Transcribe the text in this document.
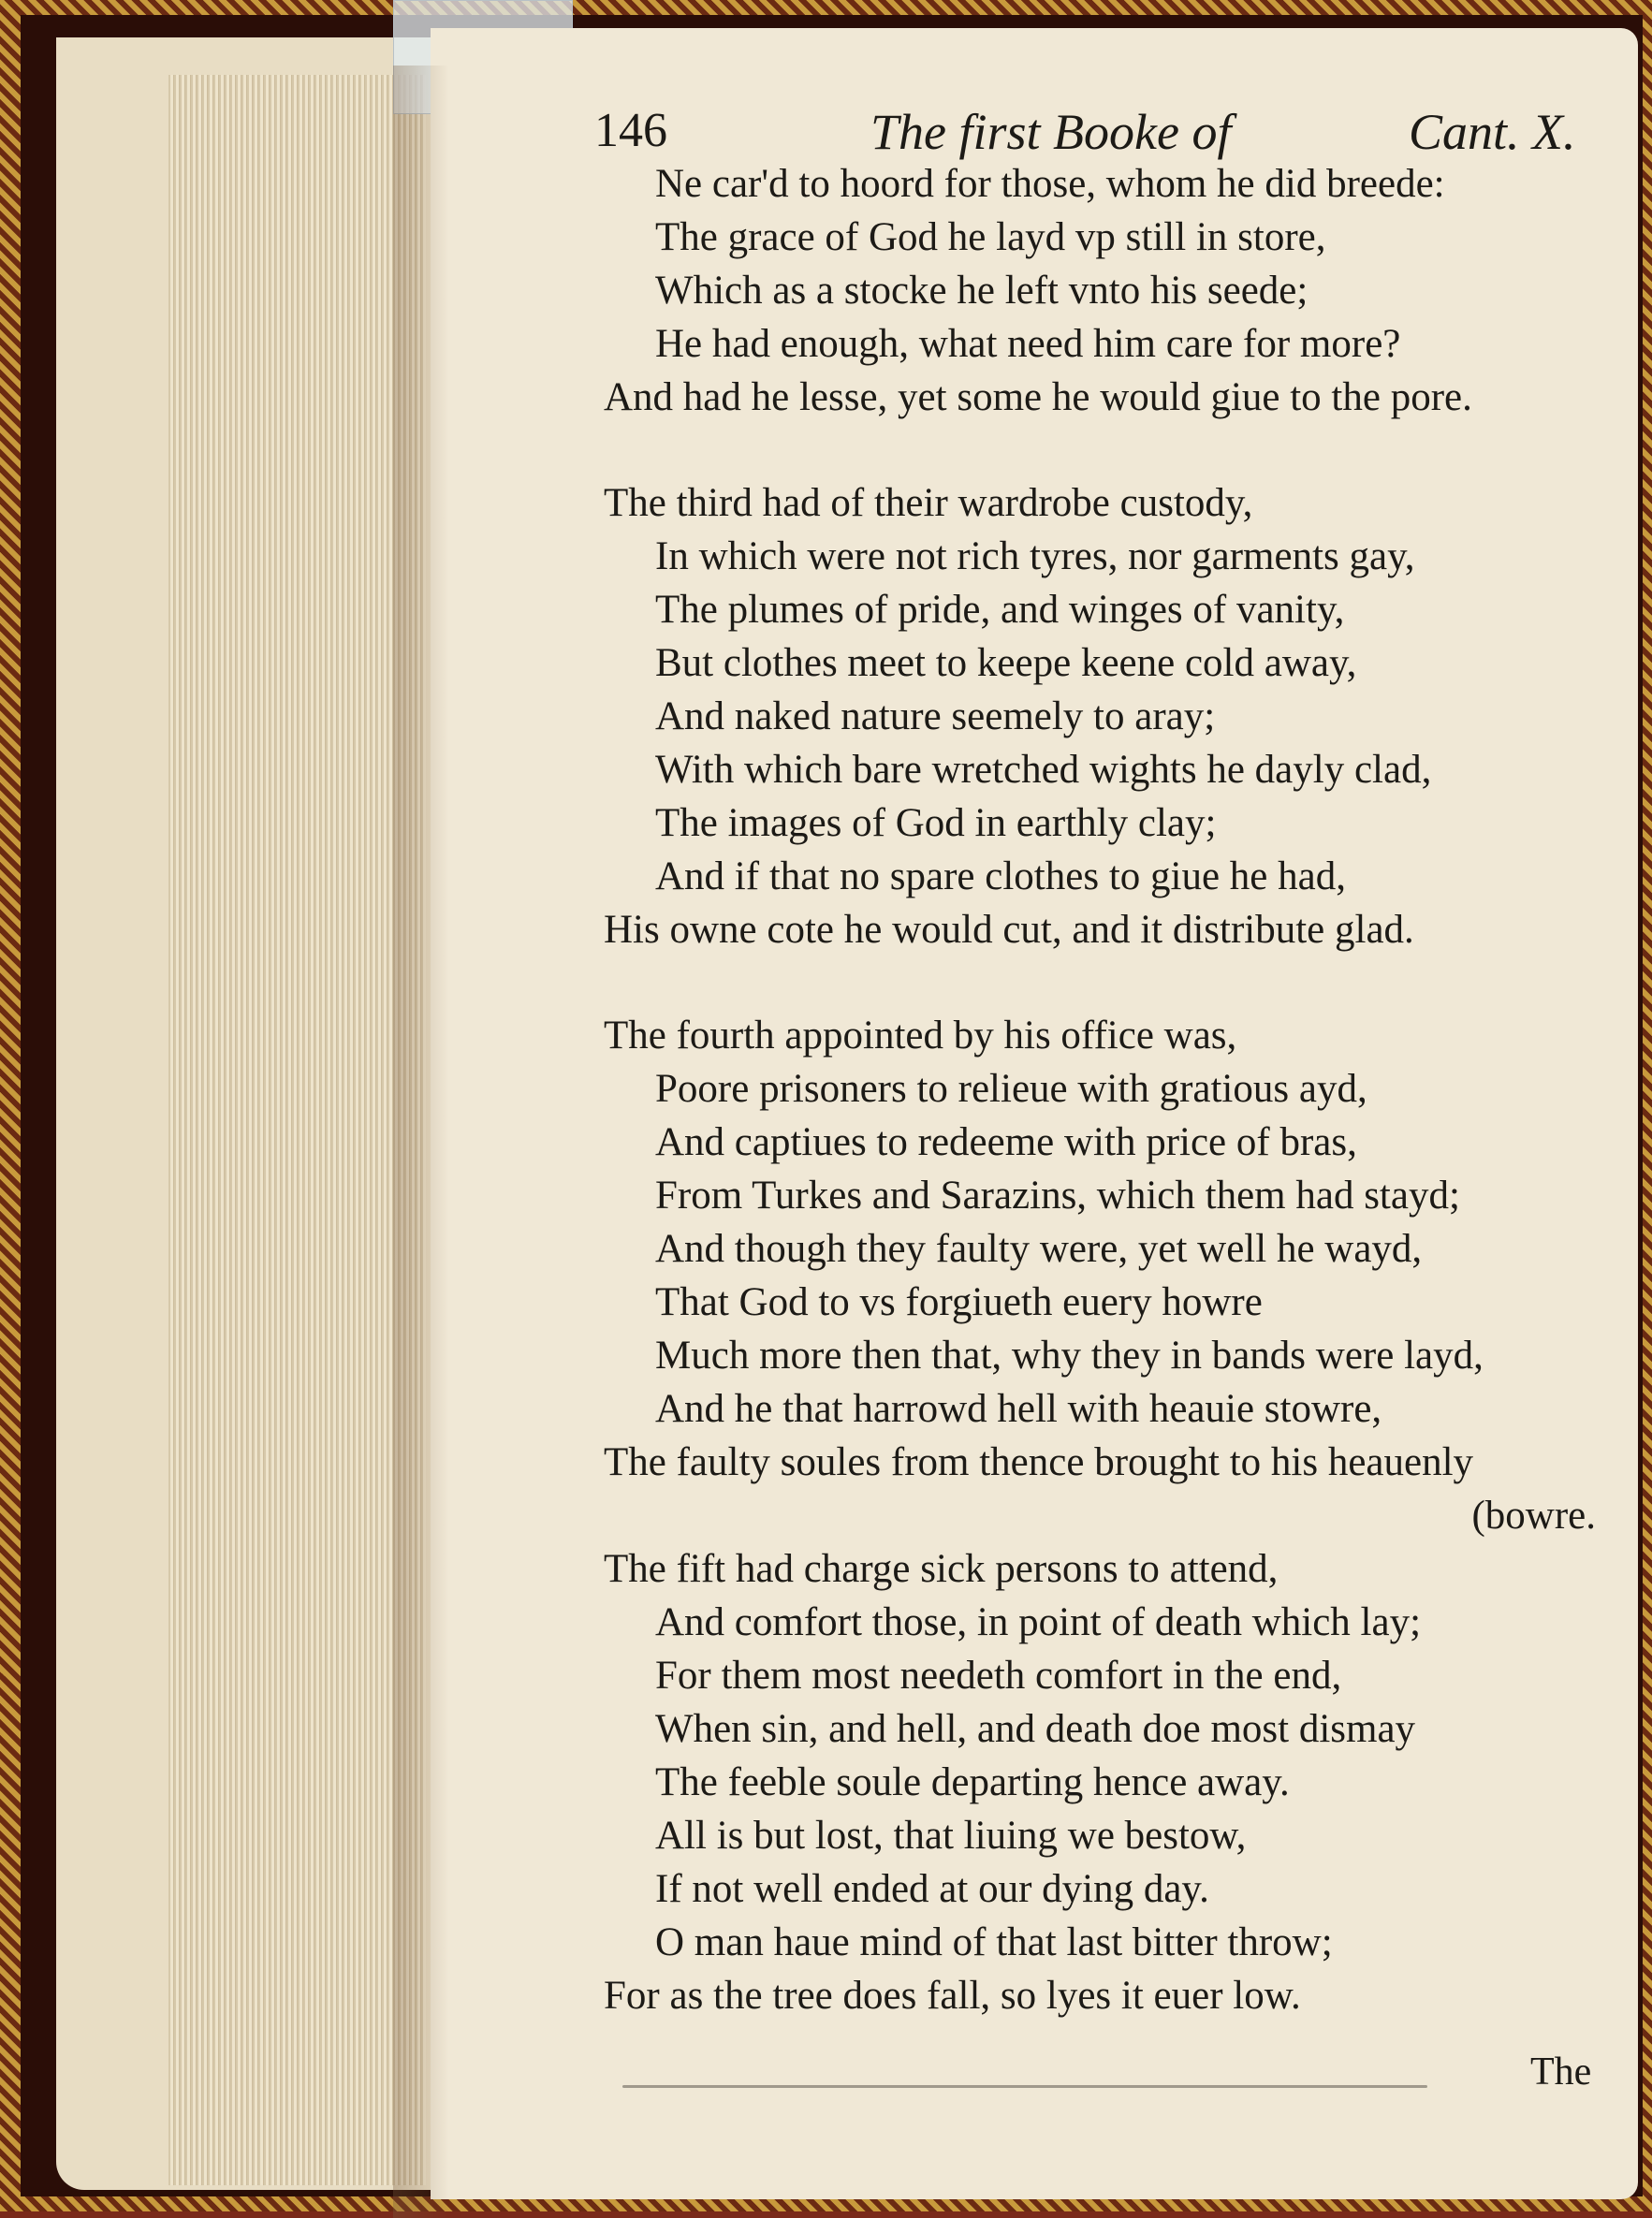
146	The first Booke of	Cant. X.
Ne car'd to hoord for those, whom he did breede:
The grace of God he layd vp still in store,
Which as a stocke he left vnto his seede;
He had enough, what need him care for more?
And had he lesse, yet some he would giue to the pore.
The third had of their wardrobe custody,
In which were not rich tyres, nor garments gay,
The plumes of pride, and winges of vanity,
But clothes meet to keepe keene cold away,
And naked nature seemely to aray;
With which bare wretched wights he dayly clad,
The images of God in earthly clay;
And if that no spare clothes to giue he had,
His owne cote he would cut, and it distribute glad.
The fourth appointed by his office was,
Poore prisoners to relieue with gratious ayd,
And captiues to redeeme with price of bras,
From Turkes and Sarazins, which them had stayd;
And though they faulty were, yet well he wayd,
That God to vs forgiueth euery howre
Much more then that, why they in bands were layd,
And he that harrowd hell with heauie stowre,
The faulty soules from thence brought to his heauenly
(bowre.
The fift had charge sick persons to attend,
And comfort those, in point of death which lay;
For them most needeth comfort in the end,
When sin, and hell, and death doe most dismay
The feeble soule departing hence away.
All is but lost, that liuing we bestow,
If not well ended at our dying day.
O man haue mind of that last bitter throw;
For as the tree does fall, so lyes it euer low.
The
